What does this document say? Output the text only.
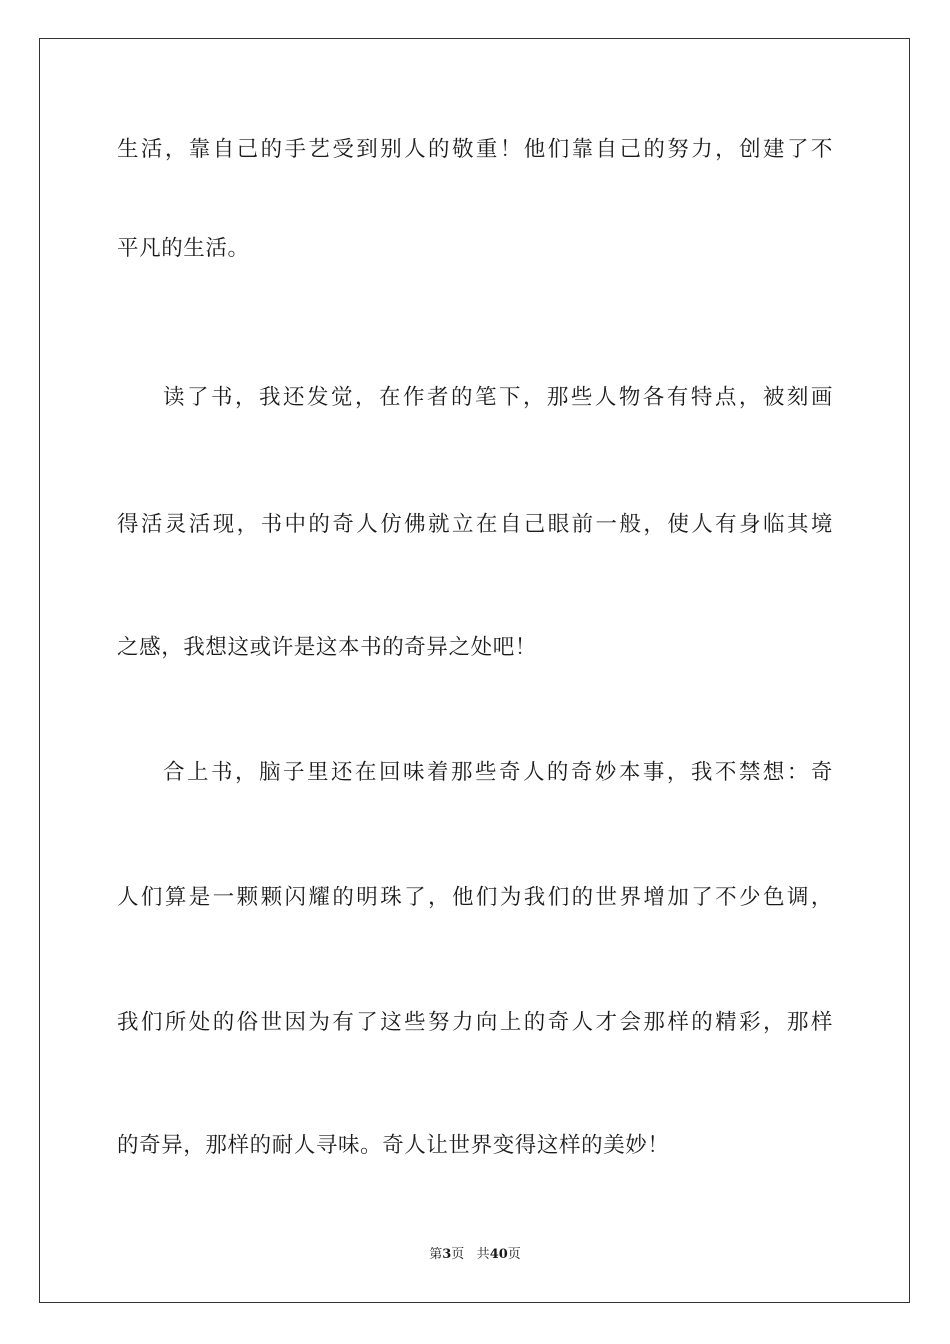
生活，靠自己的手艺受到别人的敬重！他们靠自己的努力，创建了不
平凡的生活。
读了书，我还发觉，在作者的笔下，那些人物各有特点，被刻画
得活灵活现，书中的奇人仿佛就立在自己眼前一般，使人有身临其境
之感，我想这或许是这本书的奇异之处吧！
合上书，脑子里还在回味着那些奇人的奇妙本事，我不禁想：奇
人们算是一颗颗闪耀的明珠了，他们为我们的世界增加了不少色调，
我们所处的俗世因为有了这些努力向上的奇人才会那样的精彩，那样
的奇异，那样的耐人寻味。奇人让世界变得这样的美妙！
第3页 共40页
